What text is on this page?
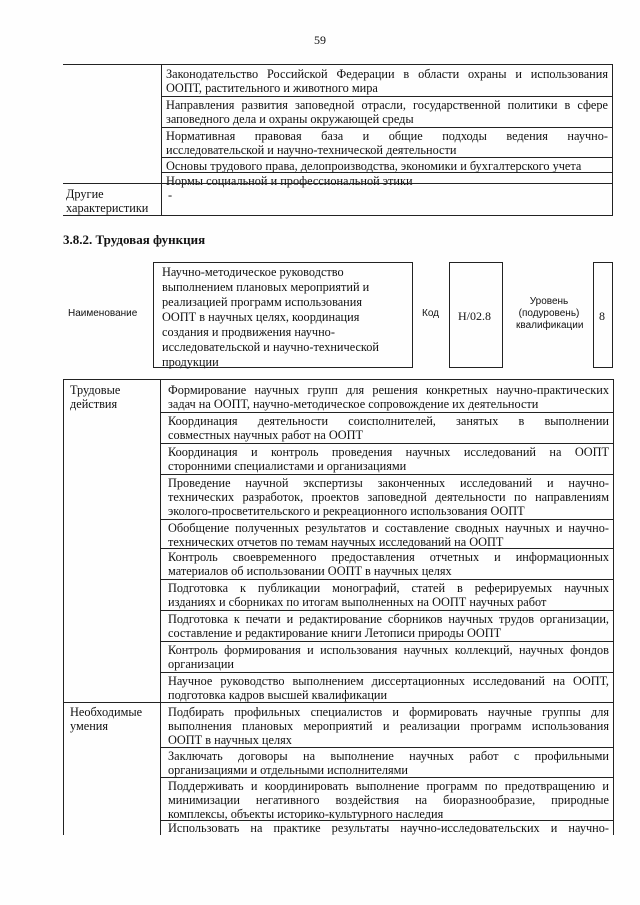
59
Законодательство Российской Федерации в области охраны и использования
ООПТ, растительного и животного мира
Направления развития заповедной отрасли, государственной политики в сфере
заповедного дела и охраны окружающей среды
Нормативная правовая база и общие подходы ведения научно-
исследовательской и научно-технической деятельности
Основы трудового права, делопроизводства, экономики и бухгалтерского учета
Нормы социальной и профессиональной этики
Другие
характеристики
-
3.8.2. Трудовая функция
Наименование
Научно-методическое руководство
выполнением плановых мероприятий и
реализацией программ использования
ООПТ в научных целях, координация
создания и продвижения научно-
исследовательской и научно-технической
продукции
Код Н/02.8
Уровень
(подуровень)
квалификации
8
Трудовые
действия
Формирование научных групп для решения конкретных научно-практических
задач на ООПТ, научно-методическое сопровождение их деятельности
Координация деятельности соисполнителей, занятых в выполнении
совместных научных работ на ООПТ
Координация и контроль проведения научных исследований на ООПТ
сторонними специалистами и организациями
Проведение научной экспертизы законченных исследований и научно-
технических разработок, проектов заповедной деятельности по направлениям
эколого-просветительского и рекреационного использования ООПТ
Обобщение полученных результатов и составление сводных научных и научно-
технических отчетов по темам научных исследований на ООПТ
Контроль своевременного предоставления отчетных и информационных
материалов об использовании ООПТ в научных целях
Подготовка к публикации монографий, статей в реферируемых научных
изданиях и сборниках по итогам выполненных на ООПТ научных работ
Подготовка к печати и редактирование сборников научных трудов организации,
составление и редактирование книги Летописи природы ООПТ
Контроль формирования и использования научных коллекций, научных фондов
организации
Научное руководство выполнением диссертационных исследований на ООПТ,
подготовка кадров высшей квалификации
Необходимые
умения
Подбирать профильных специалистов и формировать научные группы для
выполнения плановых мероприятий и реализации программ использования
ООПТ в научных целях
Заключать договоры на выполнение научных работ с профильными
организациями и отдельными исполнителями
Поддерживать и координировать выполнение программ по предотвращению и
минимизации негативного воздействия на биоразнообразие, природные
комплексы, объекты историко-культурного наследия
Использовать на практике результаты научно-исследовательских и научно-
